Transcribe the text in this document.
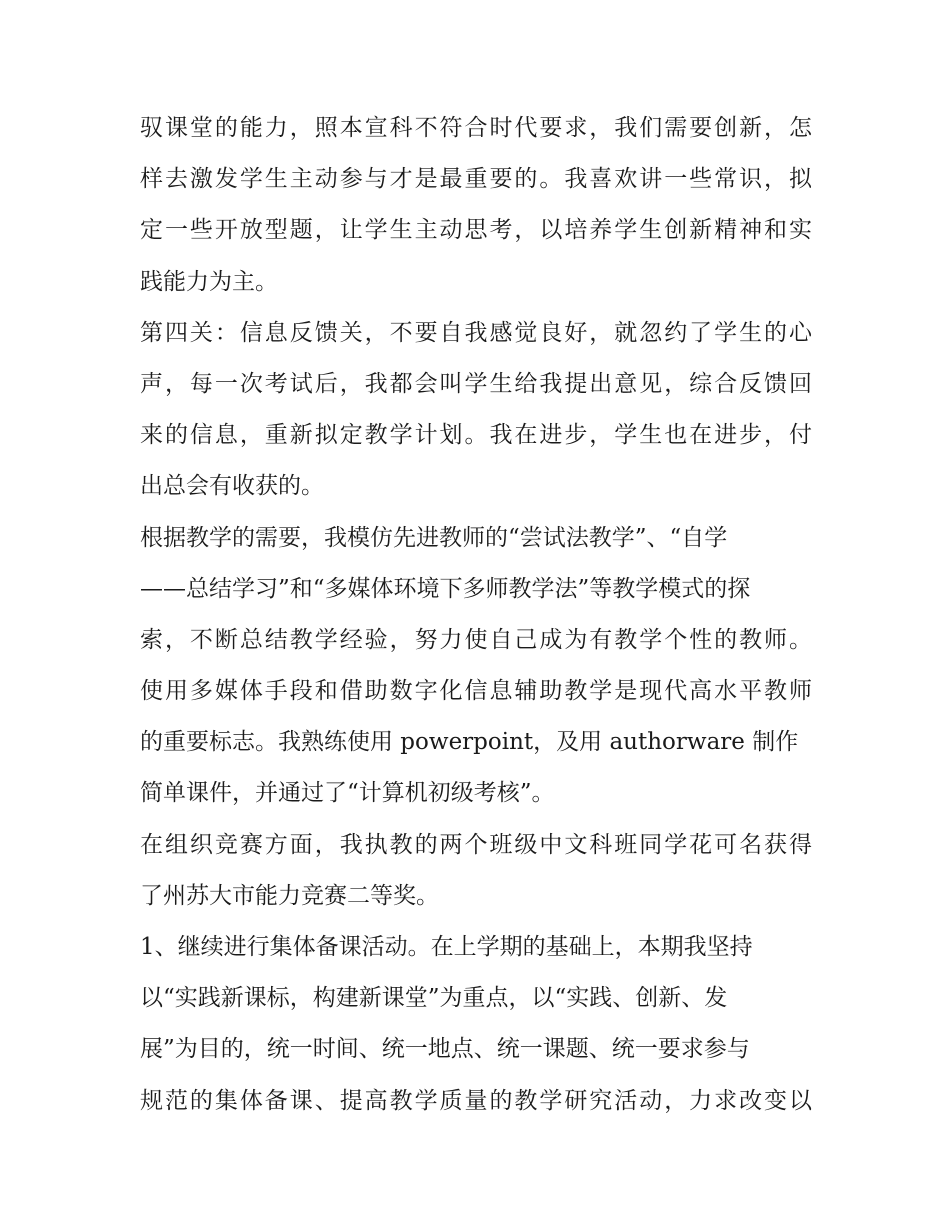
驭课堂的能力，照本宣科不符合时代要求，我们需要创新，怎

样去激发学生主动参与才是最重要的。我喜欢讲一些常识，拟

定一些开放型题，让学生主动思考，以培养学生创新精神和实

践能力为主。

第四关：信息反馈关，不要自我感觉良好，就忽约了学生的心

声，每一次考试后，我都会叫学生给我提出意见，综合反馈回

来的信息，重新拟定教学计划。我在进步，学生也在进步，付

出总会有收获的。

根据教学的需要，我模仿先进教师的“尝试法教学”、“自学

——总结学习”和“多媒体环境下多师教学法”等教学模式的探

索，不断总结教学经验，努力使自己成为有教学个性的教师。

使用多媒体手段和借助数字化信息辅助教学是现代高水平教师

的重要标志。我熟练使用 powerpoint，及用 authorware 制作

简单课件，并通过了“计算机初级考核”。

在组织竞赛方面，我执教的两个班级中文科班同学花可名获得

了州苏大市能力竞赛二等奖。

1、继续进行集体备课活动。在上学期的基础上，本期我坚持

以“实践新课标，构建新课堂”为重点，以“实践、创新、发

展”为目的，统一时间、统一地点、统一课题、统一要求参与

规范的集体备课、提高教学质量的教学研究活动，力求改变以
